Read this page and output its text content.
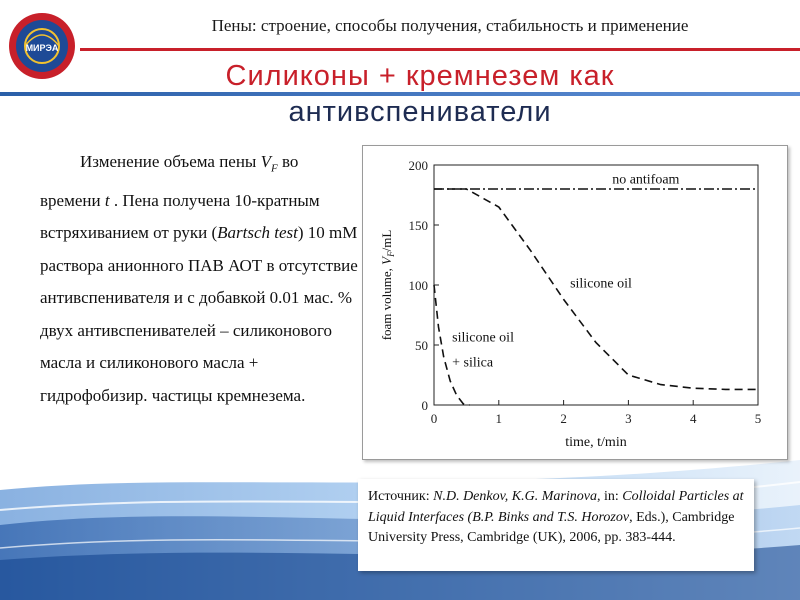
МИРЭА
Пены: строение, способы получения, стабильность и применение
Силиконы + кремнезем как
антивспениватели
Изменение объема пены $V_F$ во времени t . Пена получена 10-кратным встряхиванием от руки (Bartsch test) 10 mM раствора анионного ПАВ АОТ в отсутствие антивспенивателя и с добавкой 0.01 мас. % двух антивспенивателей – силиконового масла и силиконового масла + гидрофобизир. частицы кремнезема.
0	1	2	3	4	5
0
50
100
150
200
no antifoam
silicone oil
silicone oil
+ silica
time, t/min
foam volume, $V_F/mL$
Источник: N.D. Denkov, K.G. Marinova, in: Colloidal Particles at Liquid Interfaces (B.P. Binks and T.S. Horozov, Eds.), Cambridge University Press, Cambridge (UK), 2006, pp. 383-444.
